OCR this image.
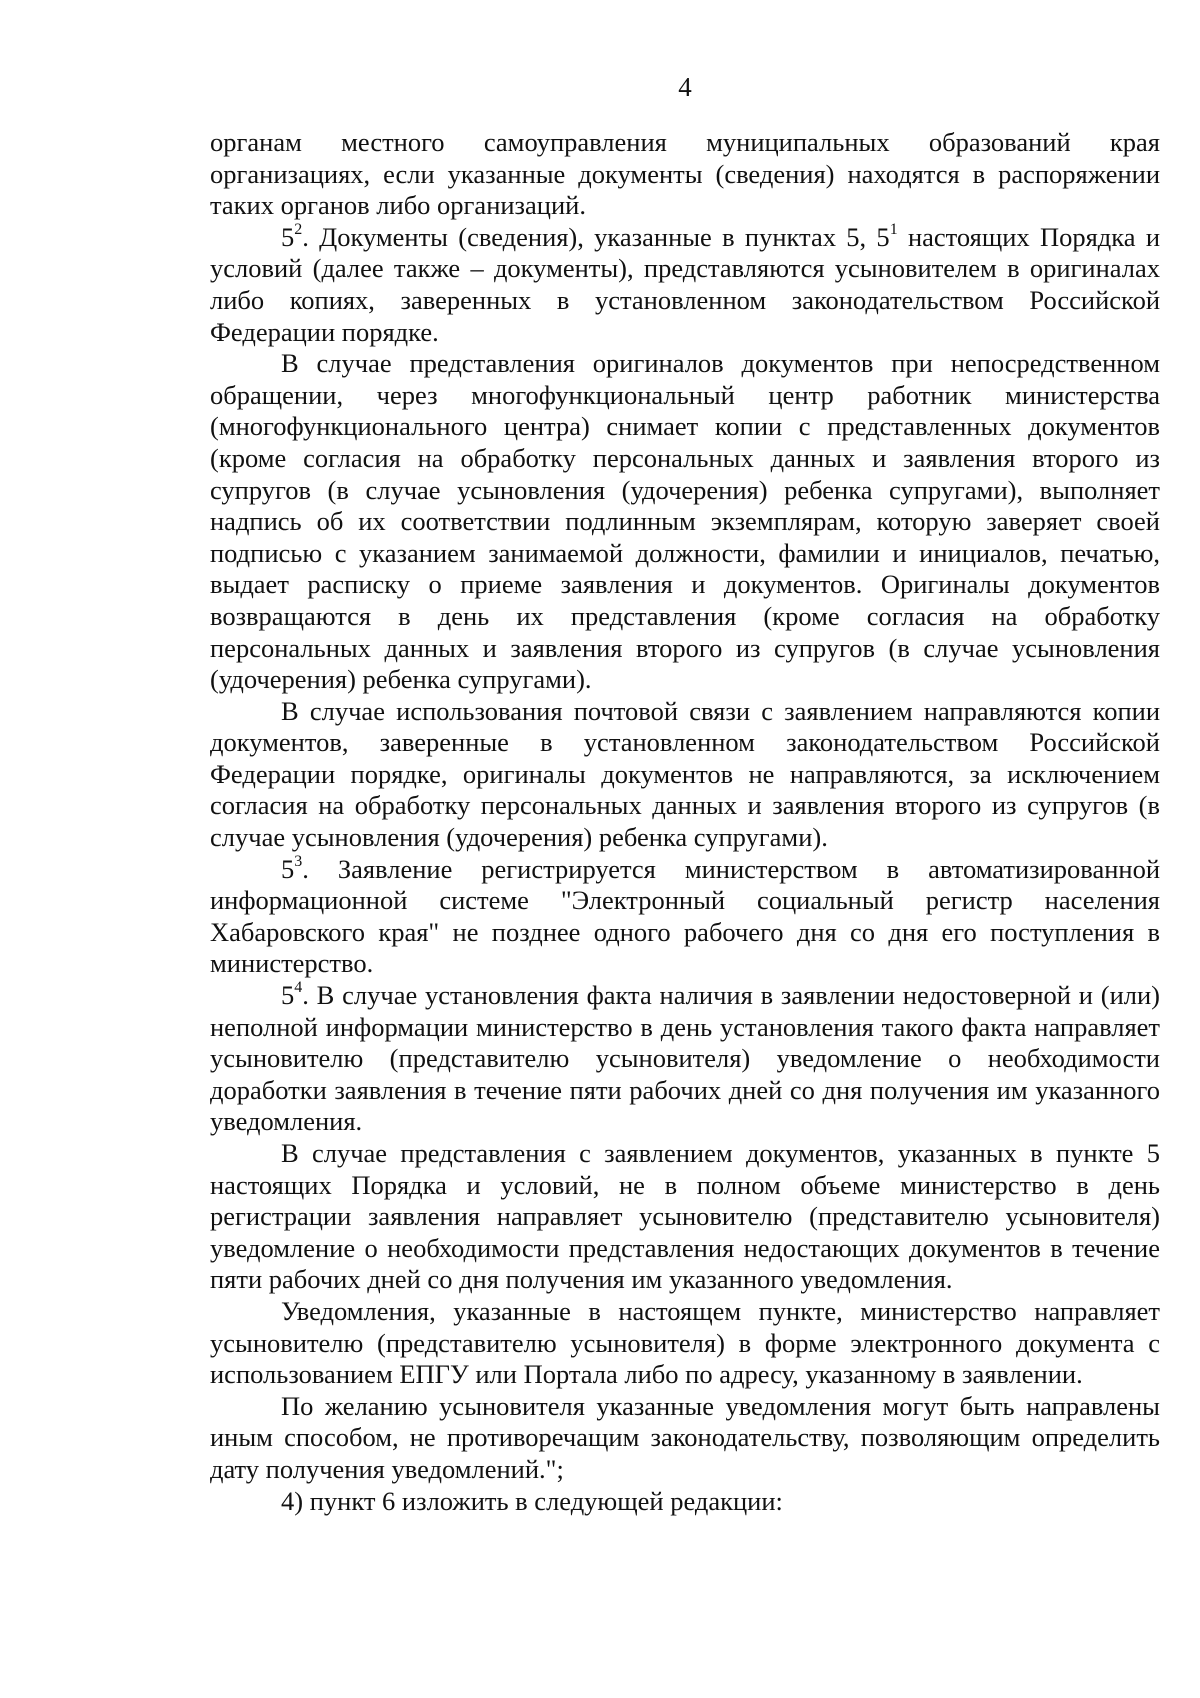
4

органам местного самоуправления муниципальных образований края организациях, если указанные документы (сведения) находятся в распоряжении таких органов либо организаций.

$5^2$. Документы (сведения), указанные в пунктах 5, $5^1$ настоящих Порядка и условий (далее также – документы), представляются усыновителем в оригиналах либо копиях, заверенных в установленном законодательством Российской Федерации порядке.

В случае представления оригиналов документов при непосредственном обращении, через многофункциональный центр работник министерства (многофункционального центра) снимает копии с представленных документов (кроме согласия на обработку персональных данных и заявления второго из супругов (в случае усыновления (удочерения) ребенка супругами), выполняет надпись об их соответствии подлинным экземплярам, которую заверяет своей подписью с указанием занимаемой должности, фамилии и инициалов, печатью, выдает расписку о приеме заявления и документов. Оригиналы документов возвращаются в день их представления (кроме согласия на обработку персональных данных и заявления второго из супругов (в случае усыновления (удочерения) ребенка супругами).

В случае использования почтовой связи с заявлением направляются копии документов, заверенные в установленном законодательством Российской Федерации порядке, оригиналы документов не направляются, за исключением согласия на обработку персональных данных и заявления второго из супругов (в случае усыновления (удочерения) ребенка супругами).

$5^3$. Заявление регистрируется министерством в автоматизированной информационной системе "Электронный социальный регистр населения Хабаровского края" не позднее одного рабочего дня со дня его поступления в министерство.

$5^4$. В случае установления факта наличия в заявлении недостоверной и (или) неполной информации министерство в день установления такого факта направляет усыновителю (представителю усыновителя) уведомление о необходимости доработки заявления в течение пяти рабочих дней со дня получения им указанного уведомления.

В случае представления с заявлением документов, указанных в пункте 5 настоящих Порядка и условий, не в полном объеме министерство в день регистрации заявления направляет усыновителю (представителю усыновителя) уведомление о необходимости представления недостающих документов в течение пяти рабочих дней со дня получения им указанного уведомления.

Уведомления, указанные в настоящем пункте, министерство направляет усыновителю (представителю усыновителя) в форме электронного документа с использованием ЕПГУ или Портала либо по адресу, указанному в заявлении.

По желанию усыновителя указанные уведомления могут быть направлены иным способом, не противоречащим законодательству, позволяющим определить дату получения уведомлений.";

4) пункт 6 изложить в следующей редакции:
